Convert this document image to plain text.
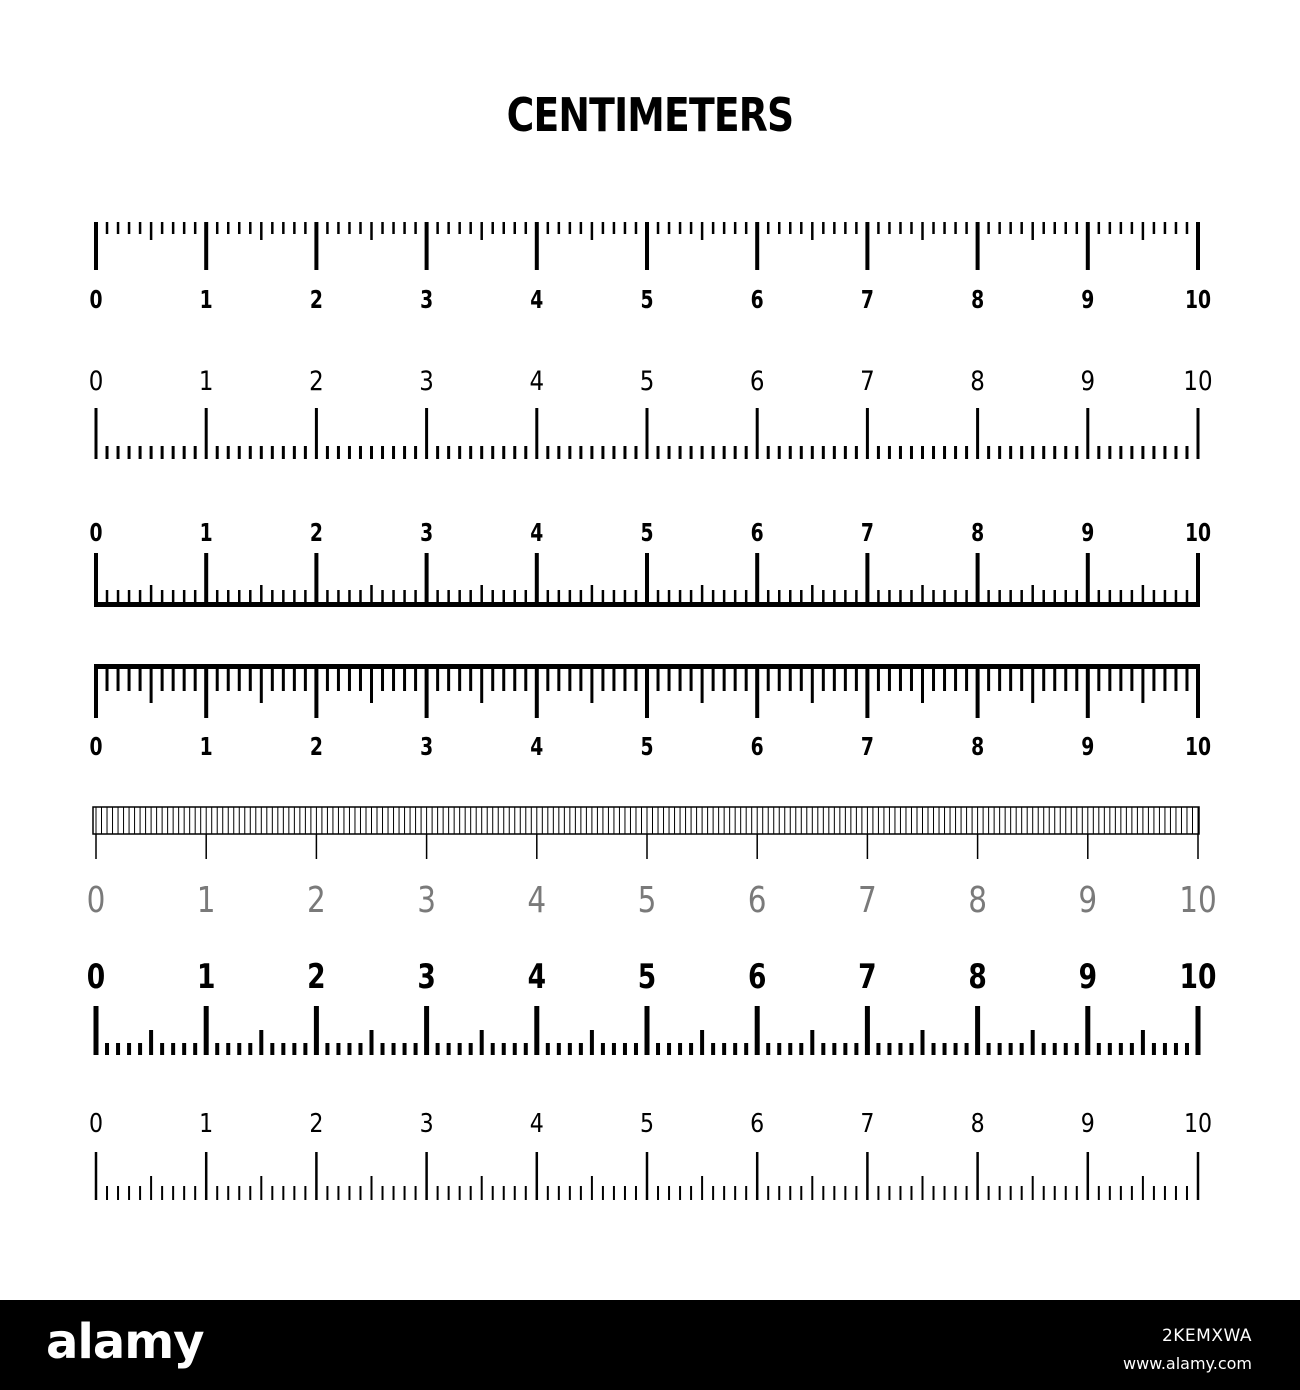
CENTIMETERS
0	1	2	3	4	5	6	7	8	9	10
0	1	2	3	4	5	6	7	8	9	10
0	1	2	3	4	5	6	7	8	9	10
0	1	2	3	4	5	6	7	8	9	10
0	1	2	3	4	5	6	7	8	9 10
0	1	2	3	4	5	6	7	8	9 10
0	1	2	3	4	5	6	7	8	9	10
alamy	2KEMXWA
www.alamy.com
